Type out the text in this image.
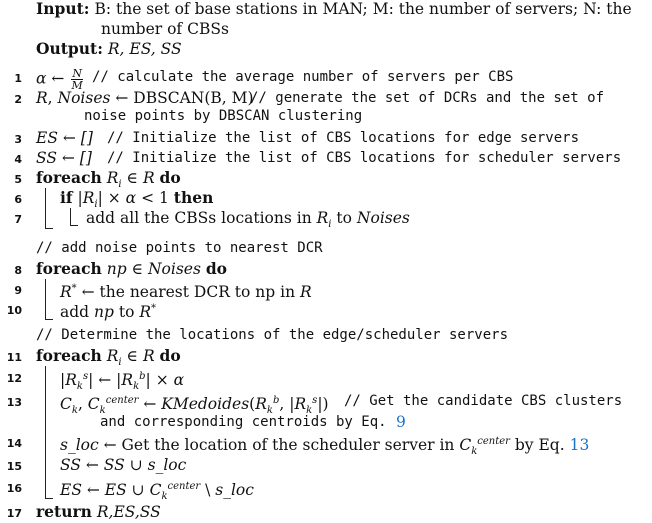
Input: B: the set of base stations in MAN; M: the number of servers; N: the
number of CBSs
Output: R, ES, SS
1 α ← $\frac{N}{M}$ // calculate the average number of servers per CBS
2 R, Noises ← DBSCAN(B, M)
// generate the set of DCRs and the set of
noise points by DBSCAN clustering
3 ES ← [] // Initialize the list of CBS locations for edge servers
4 SS ← [] // Initialize the list of CBS locations for scheduler servers
5 foreach $R_i$ ∈ R do
6 if $|R_i| \times \alpha < 1$ then
7	add all the CBSs locations in $R_i$ to Noises
// add noise points to nearest DCR
8 foreach np ∈ Noises do
9 R* ← the nearest DCR to np in R
10 add np to R*
// Determine the locations of the edge/scheduler servers
11 foreach $R_i$ ∈ R do
12 $|R_k^s|$ ← $|R_k^b| \times \alpha$
13 $C_k$, $C_k^{center}$ ← $KMedoides(R_k^b$, $|R_k^s|$) // Get the candidate CBS clusters
and corresponding centroids by Eq. 9
14 s_loc ← Get the location of the scheduler server in $C_k^{center}$ by Eq. 13
15 SS ← SS ∪ s_loc
16 ES ← ES ∪ $C_k^{center}$ \ s_loc
17 return R,ES,SS
